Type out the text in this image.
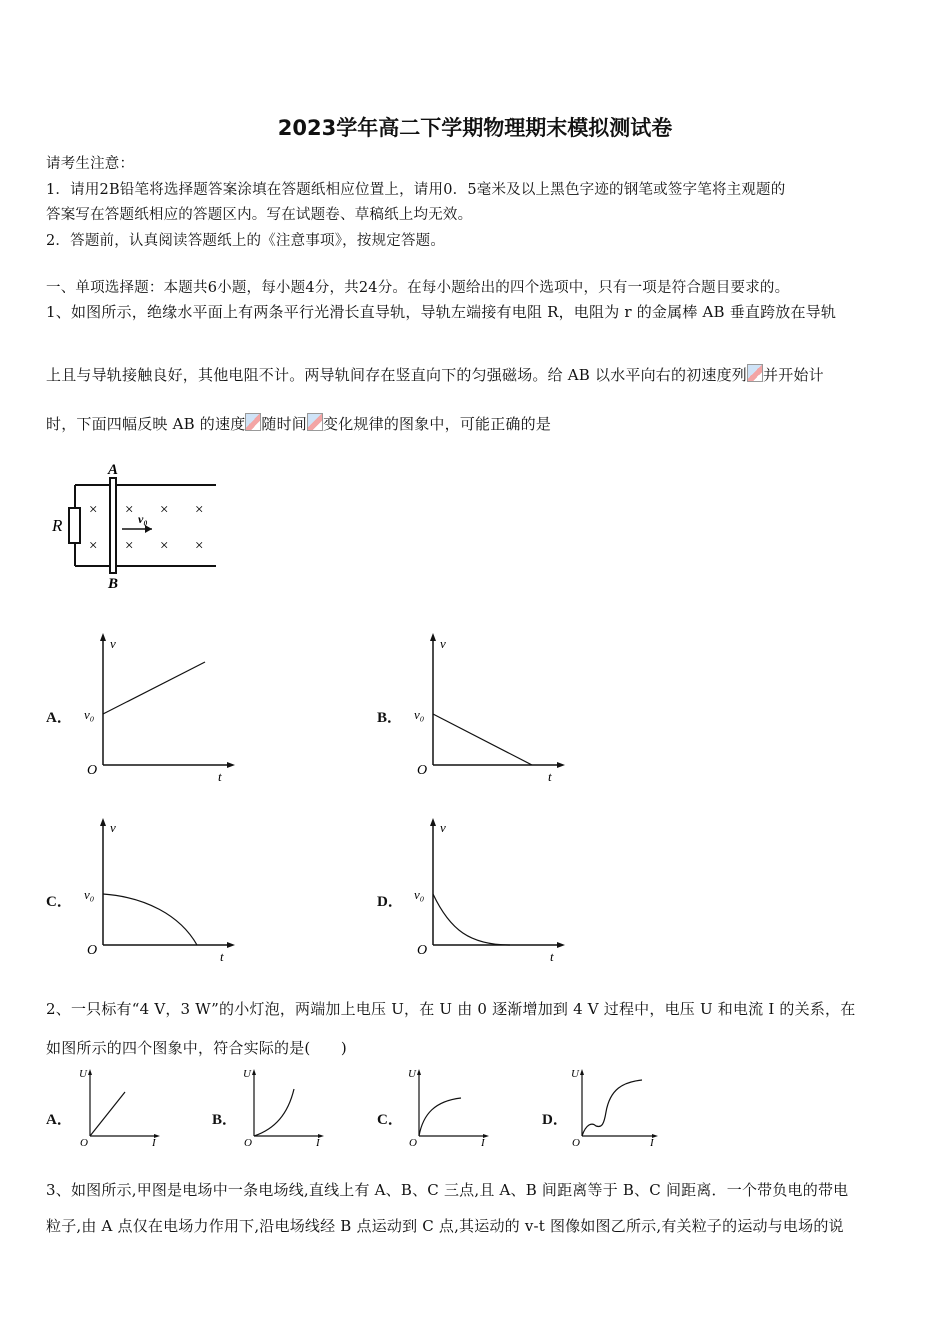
2023学年高二下学期物理期末模拟测试卷
请考生注意：
1．请用2B铅笔将选择题答案涂填在答题纸相应位置上，请用0．5毫米及以上黑色字迹的钢笔或签字笔将主观题的
答案写在答题纸相应的答题区内。写在试题卷、草稿纸上均无效。
2．答题前，认真阅读答题纸上的《注意事项》，按规定答题。
一、单项选择题：本题共6小题，每小题4分，共24分。在每小题给出的四个选项中，只有一项是符合题目要求的。
1、如图所示，绝缘水平面上有两条平行光滑长直导轨，导轨左端接有电阻 R，电阻为 r 的金属棒 AB 垂直跨放在导轨
上且与导轨接触良好，其他电阻不计。两导轨间存在竖直向下的匀强磁场。给 AB 以水平向右的初速度列 并开始计
时，下面四幅反映 AB 的速度 随时间 变化规律的图象中，可能正确的是
A
B
R	v₀
× × × ×
× × × ×
A．	B．
C．	D．
v
t
O
v₀
v
t
O
v₀
v
t
O
v₀
v
t
O
v₀
2、一只标有“4 V，3 W”的小灯泡，两端加上电压 U，在 U 由 0 逐渐增加到 4 V 过程中，电压 U 和电流 I 的关系，在
如图所示的四个图象中，符合实际的是(　　)
A．	B．	C．	D．
U
I
O
U
I
O
U
I
O
U
I
O
3、如图所示,甲图是电场中一条电场线,直线上有 A、B、C 三点,且 A、B 间距离等于 B、C 间距离．一个带负电的带电
粒子,由 A 点仅在电场力作用下,沿电场线经 B 点运动到 C 点,其运动的 v-t 图像如图乙所示,有关粒子的运动与电场的说
